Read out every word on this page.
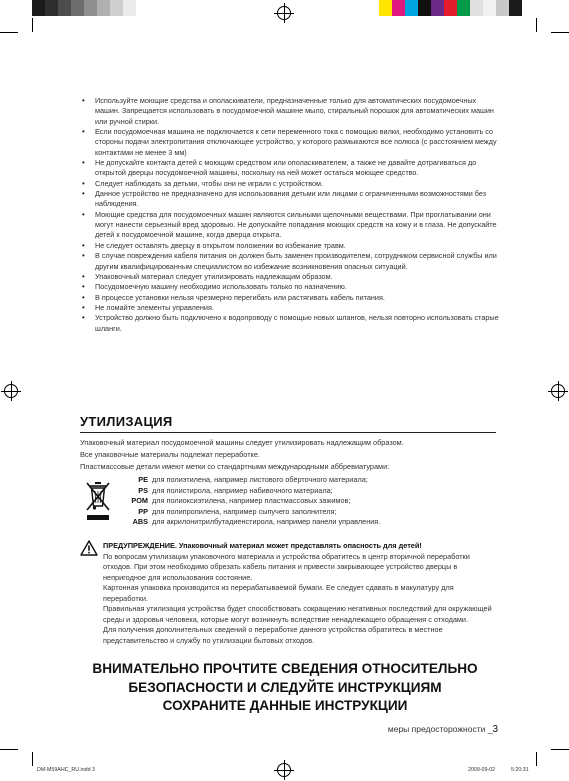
• Используйте моющие средства и ополаскиватели, предназначенные только для автоматических посудомоечных машин. Запрещается использовать в посудомоечной машине мыло, стиральный порошок для автоматических машин или ручной стирки.
• Если посудомоечная машина не подключается к сети переменного тока с помощью вилки, необходимо установить со стороны подачи электропитания отключающее устройство, у которого размыкаются все полюса (с расстоянием между контактами не менее 3 мм)
• Не допускайте контакта детей с моющим средством или ополаскивателем, а также не давайте дотрагиваться до открытой дверцы посудомоечной машины, поскольку на ней может остаться моющее средство.
• Следует наблюдать за детьми, чтобы они не играли с устройством.
• Данное устройство не предназначено для использования детьми или лицами с ограниченными возможностями без наблюдения.
• Моющие средства для посудомоечных машин являются сильными щелочными веществами. При проглатывании они могут нанести серьезный вред здоровью. Не допускайте попадания моющих средств на кожу и в глаза. Не допускайте детей к посудомоечной машине, когда дверца открыта.
• Не следует оставлять дверцу в открытом положении во избежание травм.
• В случае повреждения кабеля питания он должен быть заменен производителем, сотрудником сервисной службы или другим квалифицированным специалистом во избежание возникновения опасных ситуаций.
• Упаковочный материал следует утилизировать надлежащим образом.
• Посудомоечную машину необходимо использовать только по назначению.
• В процессе установки нельзя чрезмерно перегибать или растягивать кабель питания.
• Не ломайте элементы управления.
• Устройство должно быть подключено к водопроводу с помощью новых шлангов, нельзя повторно использовать старые шланги.
УТИЛИЗАЦИЯ
Упаковочный материал посудомоечной машины следует утилизировать надлежащим образом.
Все упаковочные материалы подлежат переработке.
Пластмассовые детали имеют метки со стандартными международными аббревиатурами:
PE для полиэтилена, например листового обёрточного материала;
PS для полистирола, например набивочного материала;
POM для полиоксиэтилена, например пластмассовых зажимов;
PP для полипропилена, например сыпучего заполнителя;
ABS для акрилонитрилбутадиенстирола, например панели управления.
ПРЕДУПРЕЖДЕНИЕ. Упаковочный материал может представлять опасность для детей!
По вопросам утилизации упаковочного материала и устройства обратитесь в центр вторичной переработки отходов. При этом необходимо обрезать кабель питания и привести закрывающее устройство дверцы в непригодное для использования состояние.
Картонная упаковка производится из перерабатываемой бумаги. Ее следует сдавать в макулатуру для переработки.
Правильная утилизация устройства будет способствовать сокращению негативных последствий для окружающей среды и здоровья человека, которые могут возникнуть вследствие ненадлежащего обращения с отходами.
Для получения дополнительных сведений о переработке данного устройства обратитесь в местное представительство и службу по утилизации бытовых отходов.
ВНИМАТЕЛЬНО ПРОЧТИТЕ СВЕДЕНИЯ ОТНОСИТЕЛЬНО
БЕЗОПАСНОСТИ И СЛЕДУЙТЕ ИНСТРУКЦИЯМ
СОХРАНИТЕ ДАННЫЕ ИНСТРУКЦИИ
меры предосторожности _3
DM-M59AHC_RU.indd 3	2009-09-02	5:20:31
